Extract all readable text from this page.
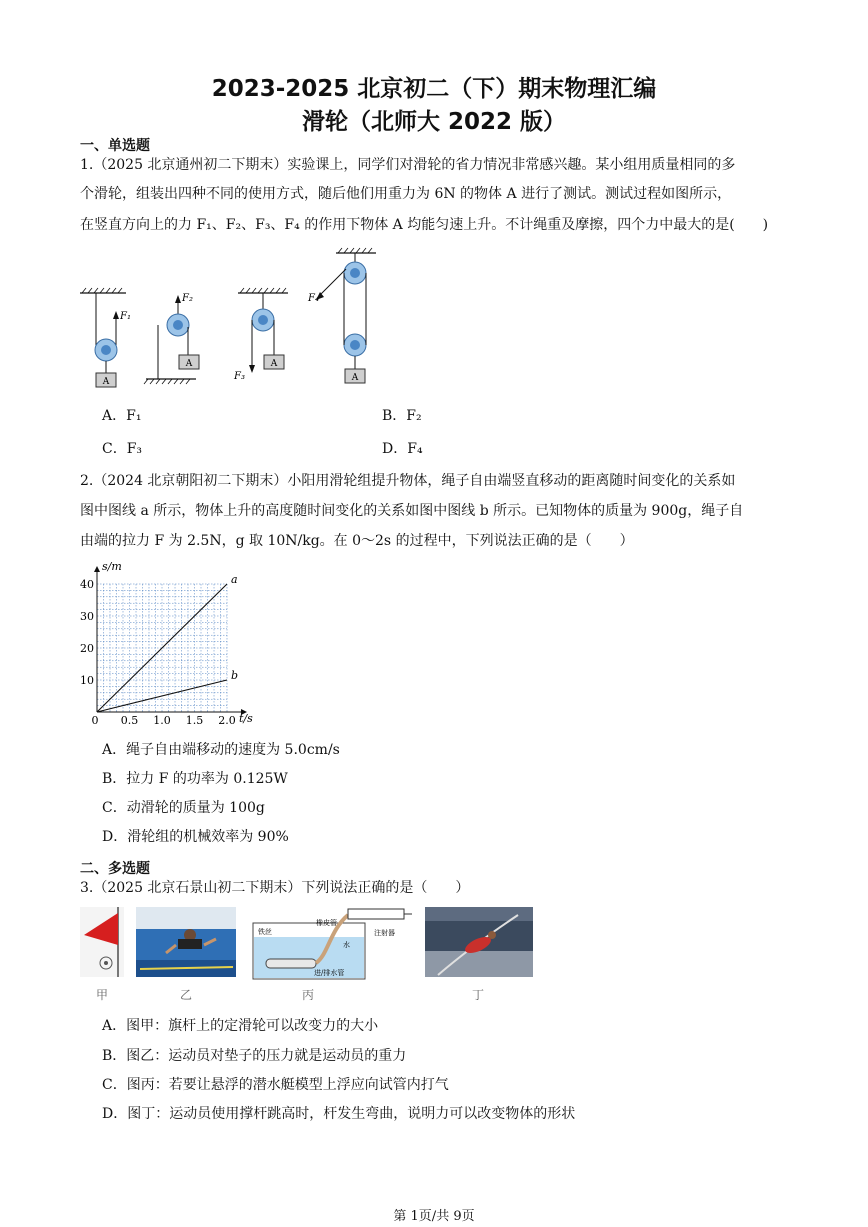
2023-2025 北京初二（下）期末物理汇编
滑轮（北师大 2022 版）
一、单选题
1.（2025 北京通州初二下期末）实验课上，同学们对滑轮的省力情况非常感兴趣。某小组用质量相同的多
个滑轮，组装出四种不同的使用方式，随后他们用重力为 6N 的物体 A 进行了测试。测试过程如图所示，
在竖直方向上的力 F₁、F₂、F₃、F₄ 的作用下物体 A 均能匀速上升。不计绳重及摩擦，四个力中最大的是(　　)
A
F₁
A
F₂
A
F₃	A
F₄
A．F₁	B．F₂
C．F₃	D．F₄
2.（2024 北京朝阳初二下期末）小阳用滑轮组提升物体，绳子自由端竖直移动的距离随时间变化的关系如
图中图线 a 所示，物体上升的高度随时间变化的关系如图中图线 b 所示。已知物体的质量为 900g，绳子自
由端的拉力 F 为 2.5N，g 取 10N/kg。在 0～2s 的过程中，下列说法正确的是（　　）
0 0.5 1.0 1.5 2.0
10
20
30
40	a
b
s/m
t/s
A．绳子自由端移动的速度为 5.0cm/s
B．拉力 F 的功率为 0.125W
C．动滑轮的质量为 100g
D．滑轮组的机械效率为 90%
二、多选题
3.（2025 北京石景山初二下期末）下列说法正确的是（　　）
甲	乙
橡皮管
注射器
水
铁丝
进/排水管
丙	丁
A．图甲：旗杆上的定滑轮可以改变力的大小
B．图乙：运动员对垫子的压力就是运动员的重力
C．图丙：若要让悬浮的潜水艇模型上浮应向试管内打气
D．图丁：运动员使用撑杆跳高时，杆发生弯曲，说明力可以改变物体的形状
第 1页/共 9页
